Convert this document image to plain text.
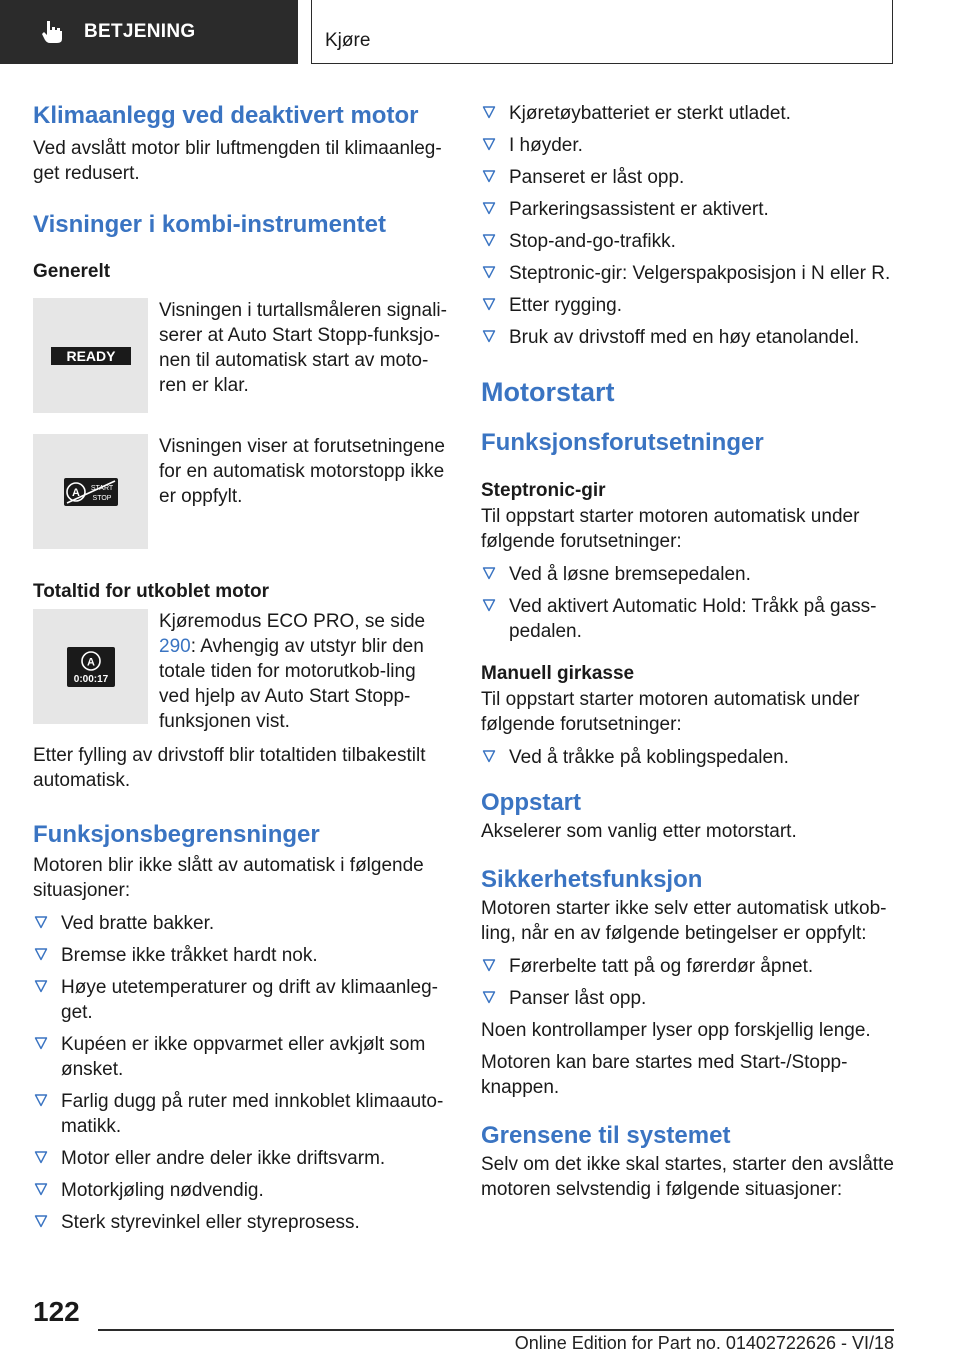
BETJENING	Kjøre
Klimaanlegg ved deaktivert motor

Ved avslått motor blir luftmengden til klimaanleg-get redusert.

Visninger i kombi-instrumentet
Generelt
READY
Visningen i turtallsmåleren signali-serer at Auto Start Stopp-funksjo-nen til automatisk start av moto-ren er klar.
A START
STOP
Visningen viser at forutsetningene for en automatisk motorstopp ikke er oppfylt.
Totaltid for utkoblet motor
A
0:00:17
Kjøremodus ECO PRO, se side 290: Avhengig av utstyr blir den totale tiden for motorutkob-ling ved hjelp av Auto Start Stopp-funksjonen vist.

Etter fylling av drivstoff blir totaltiden tilbakestilt automatisk.

Funksjonsbegrensninger

Motoren blir ikke slått av automatisk i følgende situasjoner:

Ved bratte bakker.
Bremse ikke tråkket hardt nok.
Høye utetemperaturer og drift av klimaanleg-get.
Kupéen er ikke oppvarmet eller avkjølt som ønsket.
Farlig dugg på ruter med innkoblet klimaauto-matikk.
Motor eller andre deler ikke driftsvarm.
Motorkjøling nødvendig.
Sterk styrevinkel eller styreprosess.
Kjøretøybatteriet er sterkt utladet.
I høyder.
Panseret er låst opp.
Parkeringsassistent er aktivert.
Stop-and-go-trafikk.
Steptronic-gir: Velgerspakposisjon i N eller R.
Etter rygging.
Bruk av drivstoff med en høy etanolandel.
Motorstart
Funksjonsforutsetninger
Steptronic-gir

Til oppstart starter motoren automatisk under følgende forutsetninger:

Ved å løsne bremsepedalen.
Ved aktivert Automatic Hold: Tråkk på gass-pedalen.
Manuell girkasse

Til oppstart starter motoren automatisk under følgende forutsetninger:

Ved å tråkke på koblingspedalen.
Oppstart

Akselerer som vanlig etter motorstart.

Sikkerhetsfunksjon

Motoren starter ikke selv etter automatisk utkob-ling, når en av følgende betingelser er oppfylt:

Førerbelte tatt på og førerdør åpnet.
Panser låst opp.

Noen kontrollamper lyser opp forskjellig lenge.

Motoren kan bare startes med Start-/Stopp-knappen.

Grensene til systemet

Selv om det ikke skal startes, starter den avslåtte motoren selvstendig i følgende situasjoner:

122
Online Edition for Part no. 01402722626 - VI/18
